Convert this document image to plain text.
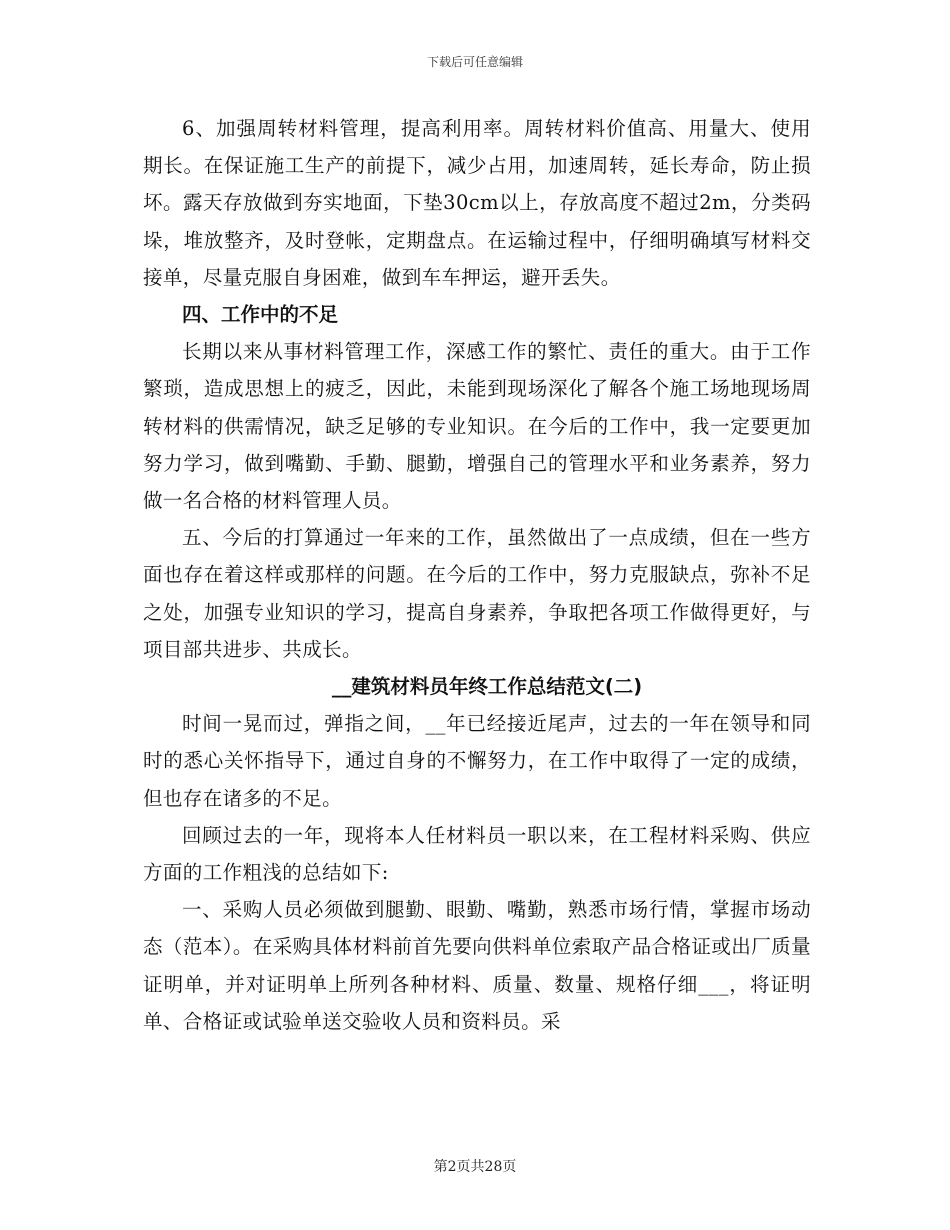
下载后可任意编辑

6、加强周转材料管理，提高利用率。周转材料价值高、用量大、使用期长。在保证施工生产的前提下，减少占用，加速周转，延长寿命，防止损坏。露天存放做到夯实地面，下垫30cm以上，存放高度不超过2m，分类码垛，堆放整齐，及时登帐，定期盘点。在运输过程中，仔细明确填写材料交接单，尽量克服自身困难，做到车车押运，避开丢失。

四、工作中的不足

长期以来从事材料管理工作，深感工作的繁忙、责任的重大。由于工作繁琐，造成思想上的疲乏，因此，未能到现场深化了解各个施工场地现场周转材料的供需情况，缺乏足够的专业知识。在今后的工作中，我一定要更加努力学习，做到嘴勤、手勤、腿勤，增强自己的管理水平和业务素养，努力做一名合格的材料管理人员。

五、今后的打算通过一年来的工作，虽然做出了一点成绩，但在一些方面也存在着这样或那样的问题。在今后的工作中，努力克服缺点，弥补不足之处，加强专业知识的学习，提高自身素养，争取把各项工作做得更好，与项目部共进步、共成长。

__建筑材料员年终工作总结范文(二)

时间一晃而过，弹指之间，__年已经接近尾声，过去的一年在领导和同时的悉心关怀指导下，通过自身的不懈努力，在工作中取得了一定的成绩，但也存在诸多的不足。

回顾过去的一年，现将本人任材料员一职以来，在工程材料采购、供应方面的工作粗浅的总结如下:

一、采购人员必须做到腿勤、眼勤、嘴勤，熟悉市场行情，掌握市场动态（范本）。在采购具体材料前首先要向供料单位索取产品合格证或出厂质量证明单，并对证明单上所列各种材料、质量、数量、规格仔细___，将证明单、合格证或试验单送交验收人员和资料员。采

第2页共28页
